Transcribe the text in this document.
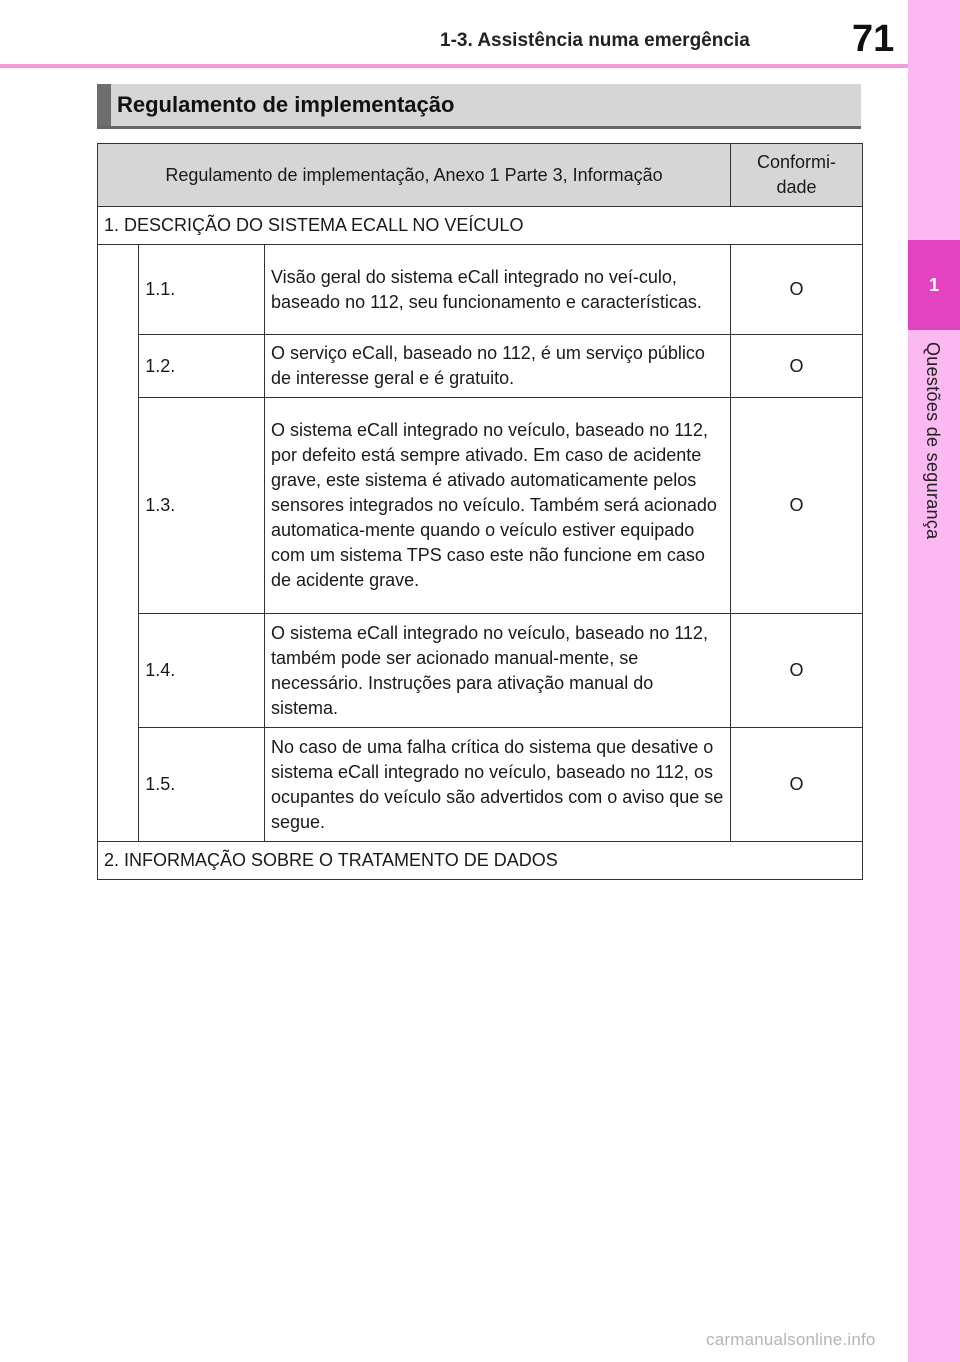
1-3. Assistência numa emergência	71
1
Questões de segurança
Regulamento de implementação
Regulamento de implementação, Anexo 1 Parte 3, Informação			Conformi-dade
1. DESCRIÇÃO DO SISTEMA ECALL NO VEÍCULO			
	1.1.	Visão geral do sistema eCall integrado no veí-culo, baseado no 112, seu funcionamento e características.	O
	1.2.	O serviço eCall, baseado no 112, é um serviço público de interesse geral e é gratuito.	O
	1.3.	O sistema eCall integrado no veículo, baseado no 112, por defeito está sempre ativado. Em caso de acidente grave, este sistema é ativado automaticamente pelos sensores integrados no veículo. Também será acionado automatica-mente quando o veículo estiver equipado com um sistema TPS caso este não funcione em caso de acidente grave.	O
	1.4.	O sistema eCall integrado no veículo, baseado no 112, também pode ser acionado manual-mente, se necessário. Instruções para ativação manual do sistema.	O
	1.5.	No caso de uma falha crítica do sistema que desative o sistema eCall integrado no veículo, baseado no 112, os ocupantes do veículo são advertidos com o aviso que se segue.	O
2. INFORMAÇÃO SOBRE O TRATAMENTO DE DADOS			
carmanualsonline.info
